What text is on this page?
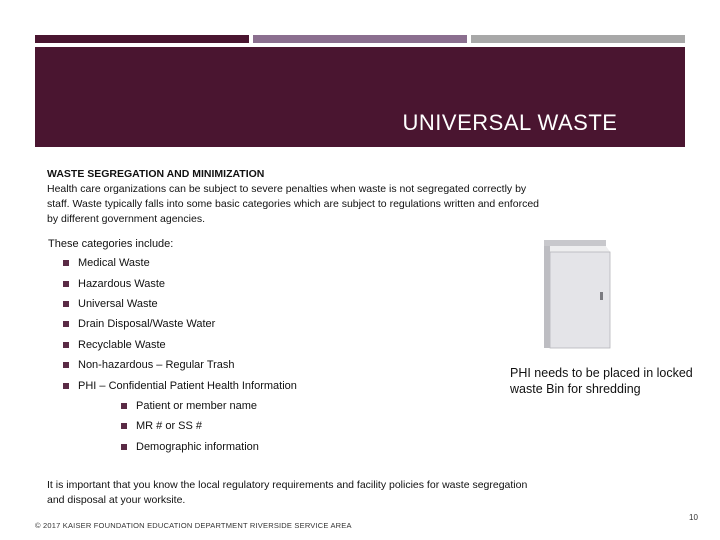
UNIVERSAL WASTE
WASTE SEGREGATION AND MINIMIZATION
Health care organizations can be subject to severe penalties when waste is not segregated correctly by staff. Waste typically falls into some basic categories which are subject to regulations written and enforced by different government agencies.
These categories include:
Medical Waste
Hazardous Waste
Universal Waste
Drain Disposal/Waste Water
Recyclable Waste
Non-hazardous – Regular Trash
PHI – Confidential Patient Health Information
Patient or member name
MR # or SS #
Demographic information
PHI needs to be placed in locked waste Bin for shredding
It is important that you know the local regulatory requirements and facility policies for waste segregation and disposal at your worksite.
© 2017 KAISER FOUNDATION EDUCATION DEPARTMENT RIVERSIDE SERVICE AREA
10
